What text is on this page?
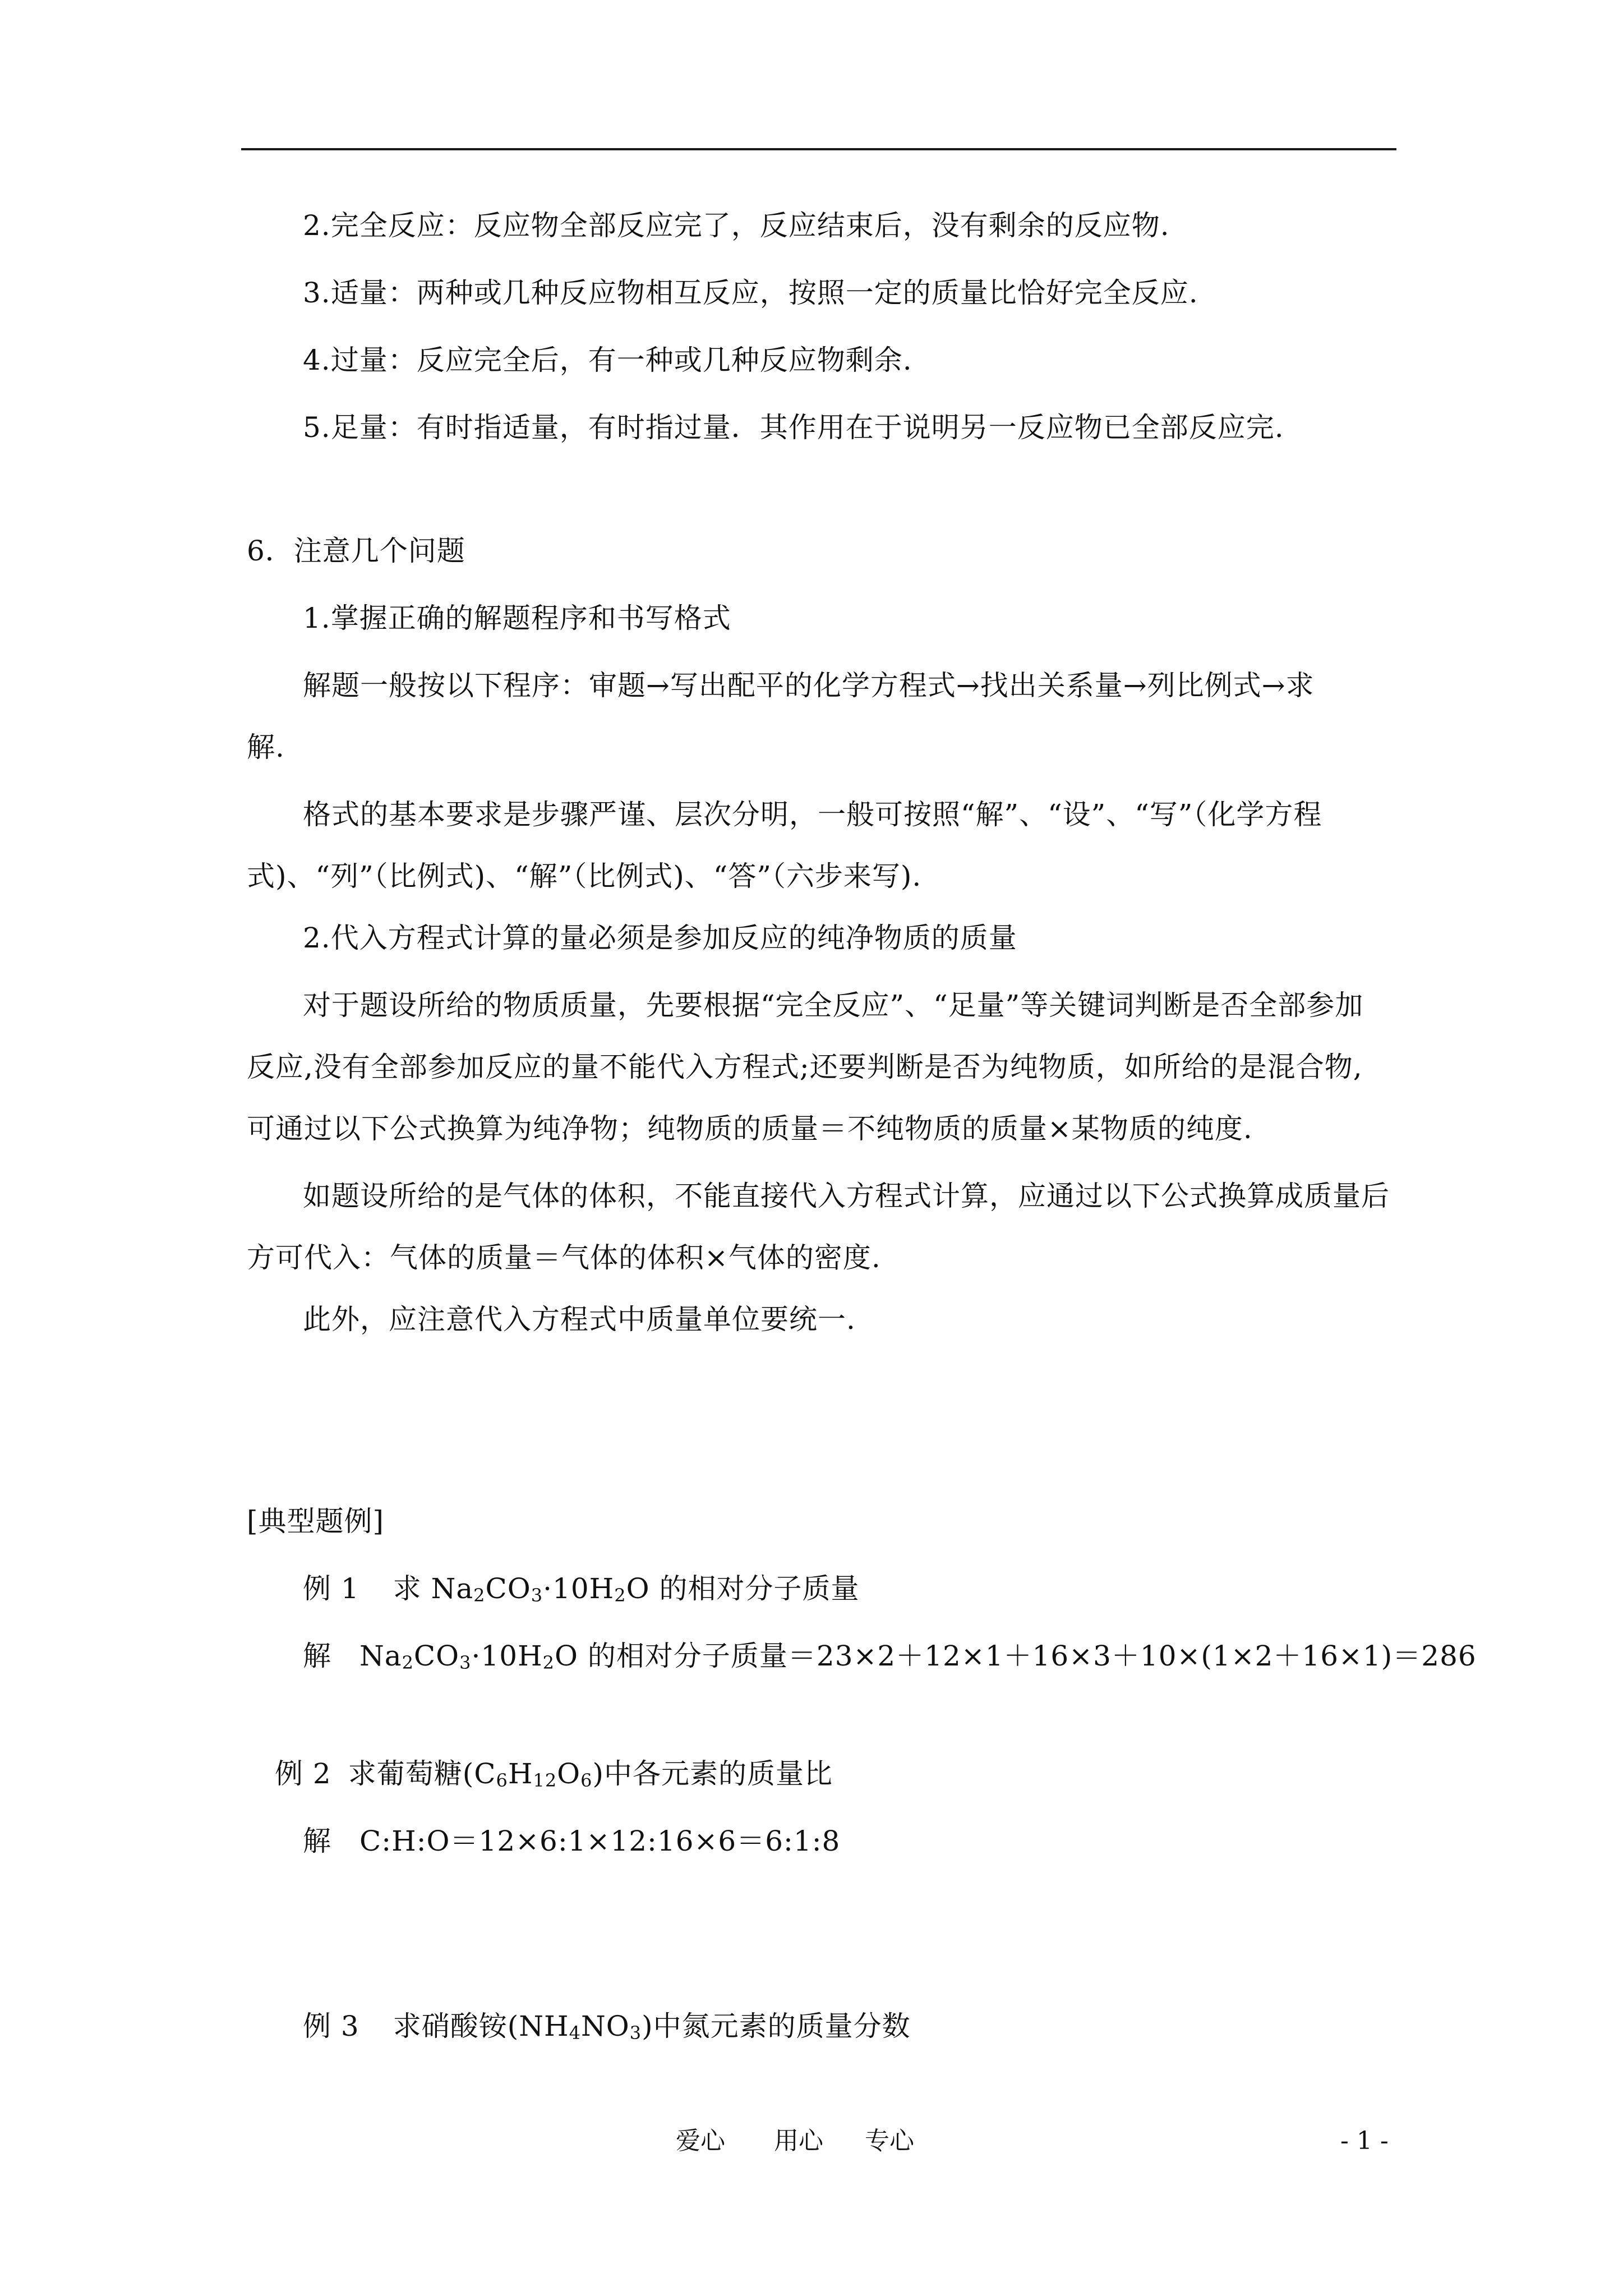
2.完全反应：反应物全部反应完了，反应结束后，没有剩余的反应物.
3.适量：两种或几种反应物相互反应，按照一定的质量比恰好完全反应.
4.过量：反应完全后，有一种或几种反应物剩余.
5.足量：有时指适量，有时指过量．其作用在于说明另一反应物已全部反应完.
6．注意几个问题
1.掌握正确的解题程序和书写格式
解题一般按以下程序：审题→写出配平的化学方程式→找出关系量→列比例式→求
解.
格式的基本要求是步骤严谨、层次分明，一般可按照“解”、“设”、“写”（化学方程
式)、“列”（比例式)、“解”（比例式)、“答”（六步来写).
2.代入方程式计算的量必须是参加反应的纯净物质的质量
对于题设所给的物质质量，先要根据“完全反应”、“足量”等关键词判断是否全部参加
反应,没有全部参加反应的量不能代入方程式;还要判断是否为纯物质，如所给的是混合物,
可通过以下公式换算为纯净物；纯物质的质量＝不纯物质的质量×某物质的纯度.
如题设所给的是气体的体积，不能直接代入方程式计算，应通过以下公式换算成质量后
方可代入：气体的质量＝气体的体积×气体的密度.
此外，应注意代入方程式中质量单位要统一.
[典型题例]
例 1 求 $Na_2CO_3\cdot 10H_2O$ 的相对分子质量
解 $Na_2CO_3\cdot 10H_2O$ 的相对分子质量＝23×2＋12×1＋16×3＋10×(1×2＋16×1)＝286
例 2 求葡萄糖$(C_6H_{12}O_6)$中各元素的质量比
解 C:H:O＝12×6:1×12:16×6＝6:1:8
例 3 求硝酸铵$(NH_4NO_3)$中氮元素的质量分数
爱心 用心 专心	- 1 -
